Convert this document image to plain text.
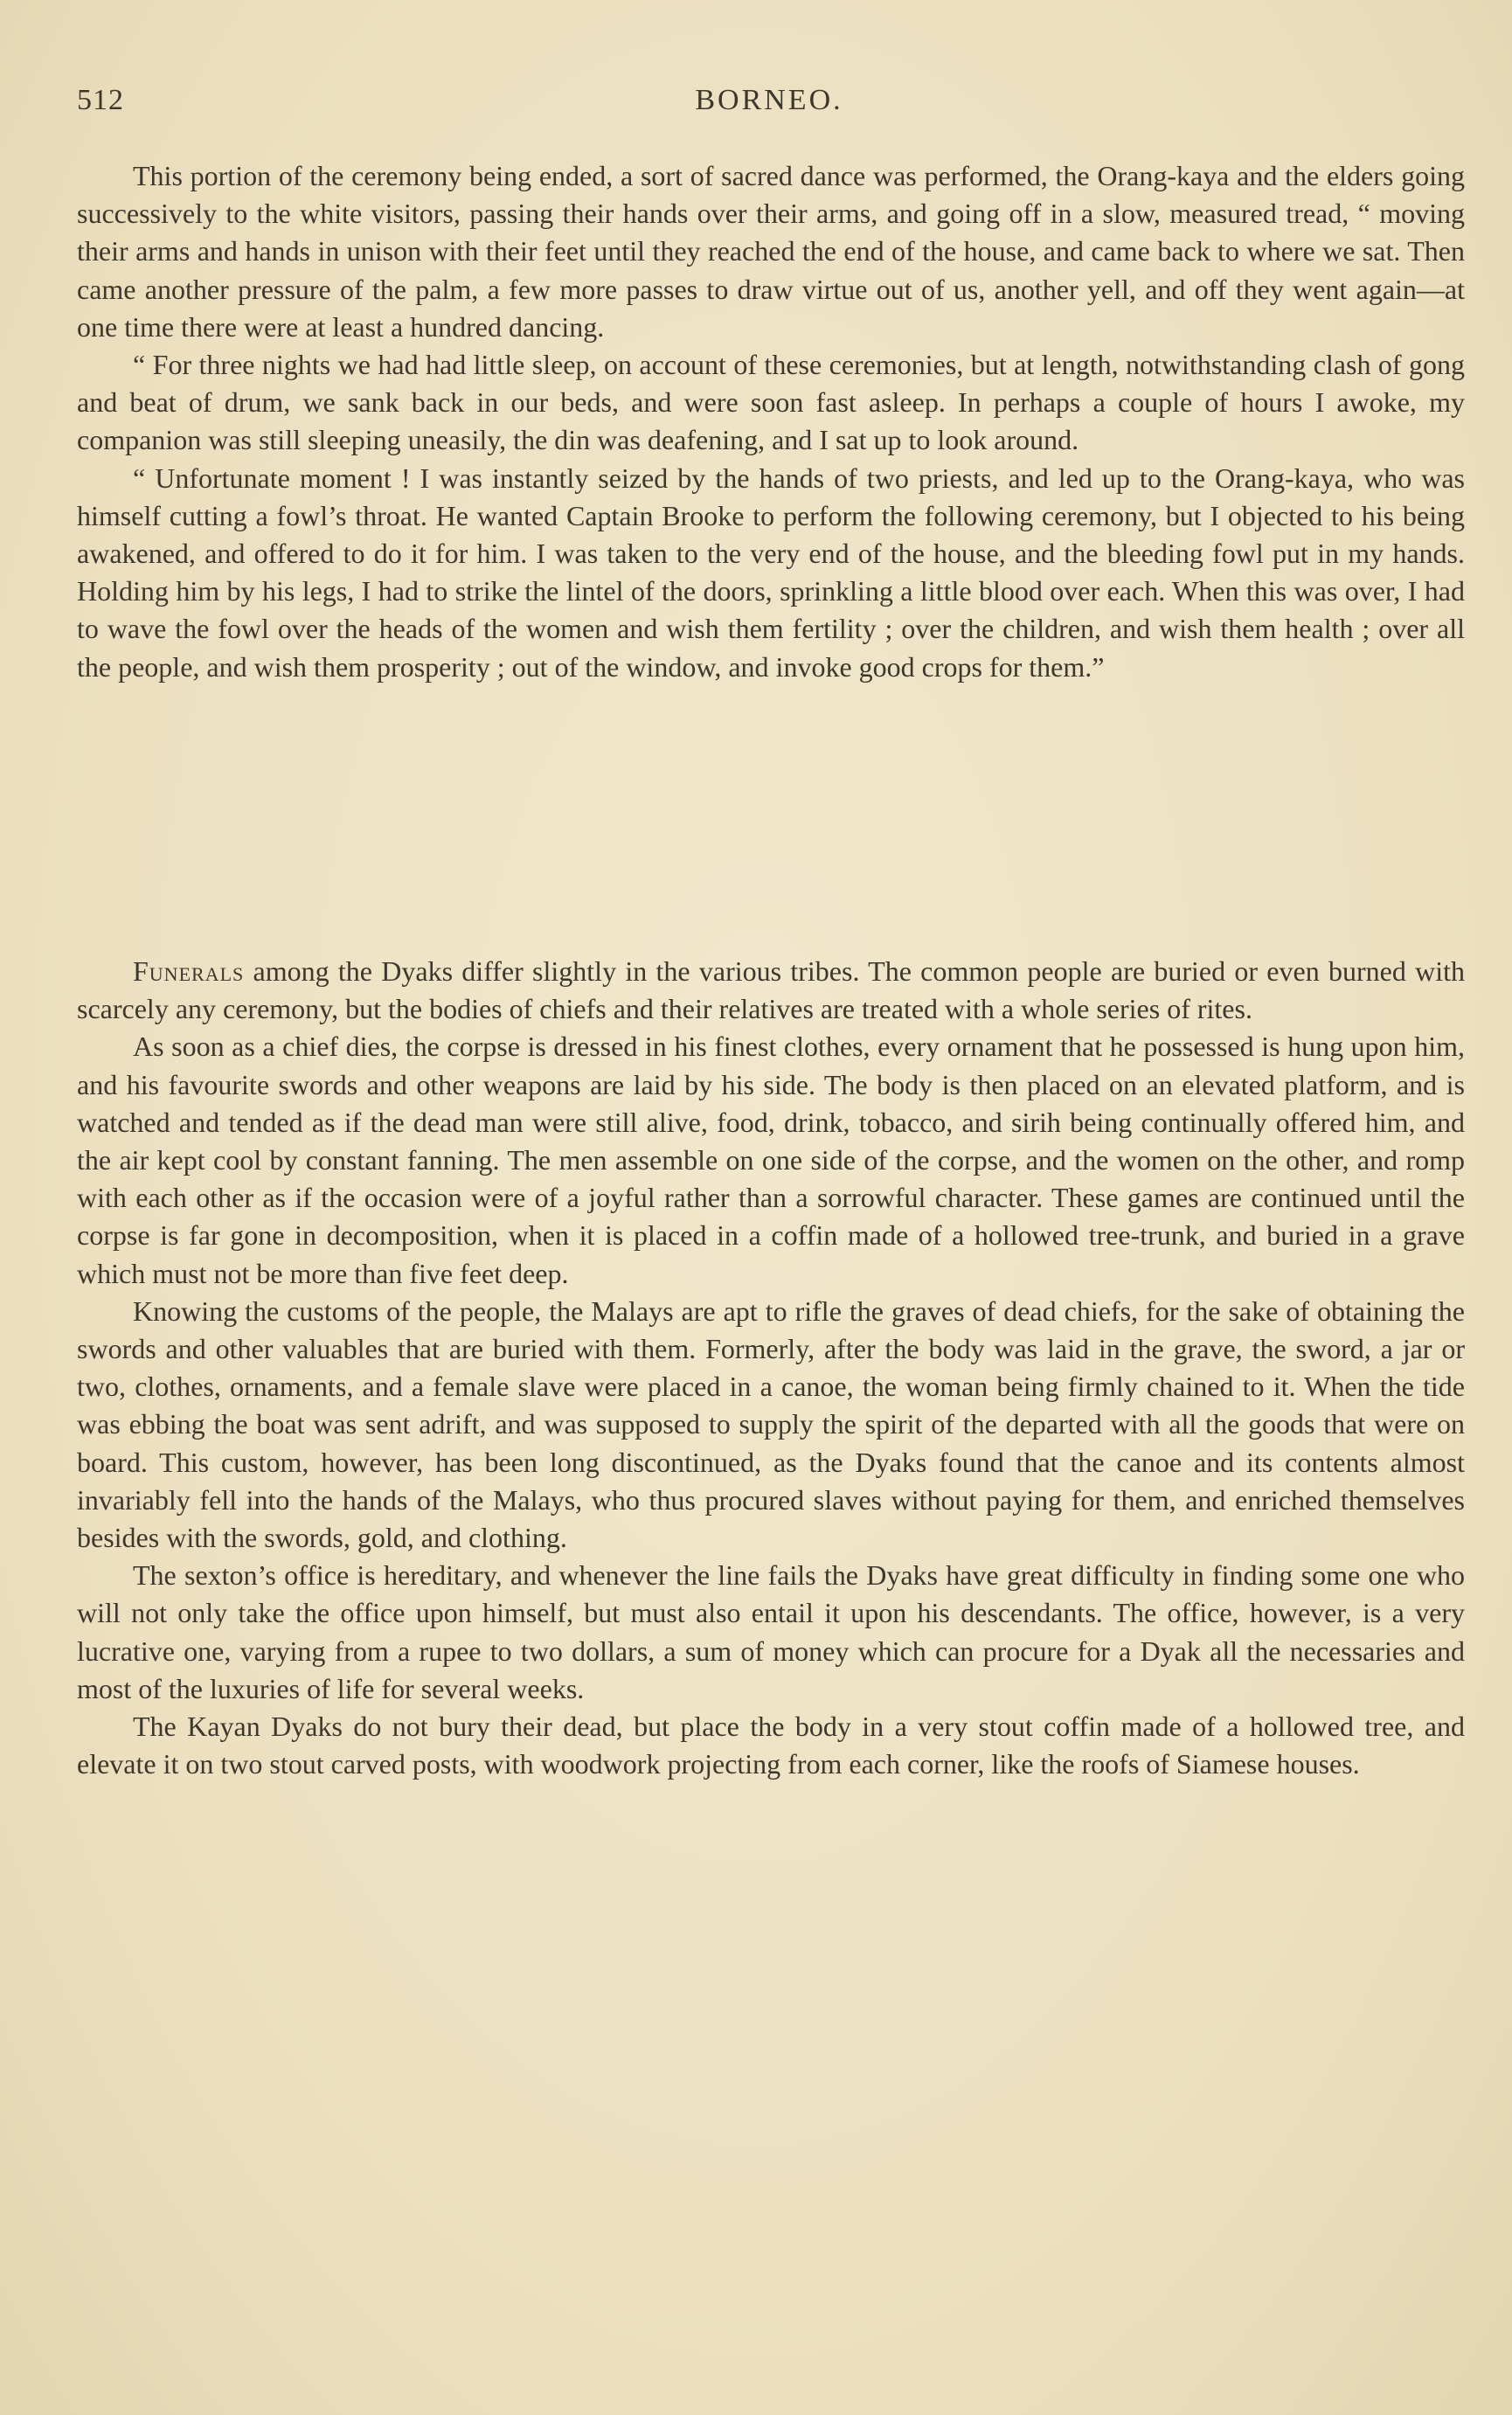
512	BORNEO.

This portion of the ceremony being ended, a sort of sacred dance was performed, the Orang-kaya and the elders going successively to the white visitors, passing their hands over their arms, and going off in a slow, measured tread, “ moving their arms and hands in unison with their feet until they reached the end of the house, and came back to where we sat. Then came another pressure of the palm, a few more passes to draw virtue out of us, another yell, and off they went again—at one time there were at least a hundred dancing.

“ For three nights we had had little sleep, on account of these ceremonies, but at length, notwithstanding clash of gong and beat of drum, we sank back in our beds, and were soon fast asleep. In perhaps a couple of hours I awoke, my companion was still sleeping uneasily, the din was deafening, and I sat up to look around.

“ Unfortunate moment ! I was instantly seized by the hands of two priests, and led up to the Orang-kaya, who was himself cutting a fowl’s throat. He wanted Captain Brooke to perform the following ceremony, but I objected to his being awakened, and offered to do it for him. I was taken to the very end of the house, and the bleeding fowl put in my hands. Holding him by his legs, I had to strike the lintel of the doors, sprinkling a little blood over each. When this was over, I had to wave the fowl over the heads of the women and wish them fertility ; over the children, and wish them health ; over all the people, and wish them prosperity ; out of the window, and invoke good crops for them.”

Funerals among the Dyaks differ slightly in the various tribes. The common people are buried or even burned with scarcely any ceremony, but the bodies of chiefs and their relatives are treated with a whole series of rites.

As soon as a chief dies, the corpse is dressed in his finest clothes, every ornament that he possessed is hung upon him, and his favourite swords and other weapons are laid by his side. The body is then placed on an elevated platform, and is watched and tended as if the dead man were still alive, food, drink, tobacco, and sirih being continually offered him, and the air kept cool by constant fanning. The men assemble on one side of the corpse, and the women on the other, and romp with each other as if the occasion were of a joyful rather than a sorrowful character. These games are continued until the corpse is far gone in decomposition, when it is placed in a coffin made of a hollowed tree-trunk, and buried in a grave which must not be more than five feet deep.

Knowing the customs of the people, the Malays are apt to rifle the graves of dead chiefs, for the sake of obtaining the swords and other valuables that are buried with them. Formerly, after the body was laid in the grave, the sword, a jar or two, clothes, ornaments, and a female slave were placed in a canoe, the woman being firmly chained to it. When the tide was ebbing the boat was sent adrift, and was supposed to supply the spirit of the departed with all the goods that were on board. This custom, however, has been long discontinued, as the Dyaks found that the canoe and its contents almost invariably fell into the hands of the Malays, who thus procured slaves without paying for them, and enriched themselves besides with the swords, gold, and clothing.

The sexton’s office is hereditary, and whenever the line fails the Dyaks have great difficulty in finding some one who will not only take the office upon himself, but must also entail it upon his descendants. The office, however, is a very lucrative one, varying from a rupee to two dollars, a sum of money which can procure for a Dyak all the necessaries and most of the luxuries of life for several weeks.

The Kayan Dyaks do not bury their dead, but place the body in a very stout coffin made of a hollowed tree, and elevate it on two stout carved posts, with woodwork projecting from each corner, like the roofs of Siamese houses.
